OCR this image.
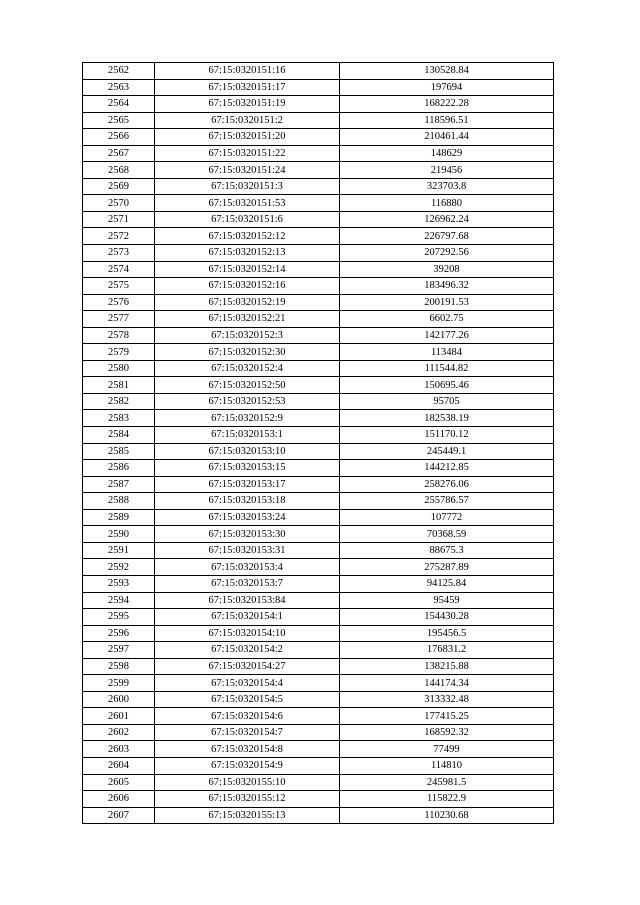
2562	67:15:0320151:16	130528.84
2563	67:15:0320151:17	197694
2564	67:15:0320151:19	168222.28
2565	67:15:0320151:2	118596.51
2566	67:15:0320151:20	210461.44
2567	67:15:0320151:22	148629
2568	67:15:0320151:24	219456
2569	67:15:0320151:3	323703.8
2570	67:15:0320151:53	116880
2571	67:15:0320151:6	126962.24
2572	67:15:0320152:12	226797.68
2573	67:15:0320152:13	207292.56
2574	67:15:0320152:14	39208
2575	67:15:0320152:16	183496.32
2576	67:15:0320152:19	200191.53
2577	67:15:0320152:21	6602.75
2578	67:15:0320152:3	142177.26
2579	67:15:0320152:30	113484
2580	67:15:0320152:4	111544.82
2581	67:15:0320152:50	150695.46
2582	67:15:0320152:53	95705
2583	67:15:0320152:9	182538.19
2584	67:15:0320153:1	151170.12
2585	67:15:0320153:10	245449.1
2586	67:15:0320153:15	144212.85
2587	67:15:0320153:17	258276.06
2588	67:15:0320153:18	255786.57
2589	67:15:0320153:24	107772
2590	67:15:0320153:30	70368.59
2591	67:15:0320153:31	88675.3
2592	67:15:0320153:4	275287.89
2593	67:15:0320153:7	94125.84
2594	67:15:0320153:84	95459
2595	67:15:0320154:1	154430.28
2596	67:15:0320154:10	195456.5
2597	67:15:0320154:2	176831.2
2598	67:15:0320154:27	138215.88
2599	67:15:0320154:4	144174.34
2600	67:15:0320154:5	313332.48
2601	67:15:0320154:6	177415.25
2602	67:15:0320154:7	168592.32
2603	67:15:0320154:8	77499
2604	67:15:0320154:9	114810
2605	67:15:0320155:10	245981.5
2606	67:15:0320155:12	115822.9
2607	67:15:0320155:13	110230.68
